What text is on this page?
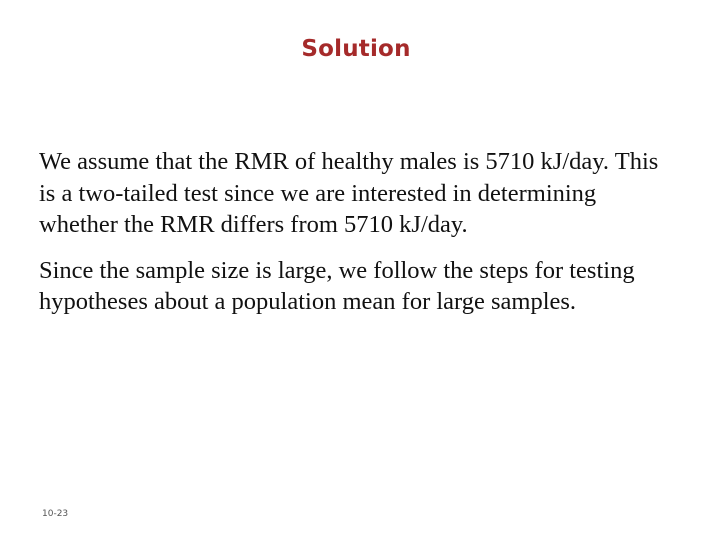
Solution

We assume that the RMR of healthy males is 5710 kJ/day. This is a two-tailed test since we are interested in determining whether the RMR differs from 5710 kJ/day.

Since the sample size is large, we follow the steps for testing hypotheses about a population mean for large samples.

10-23
